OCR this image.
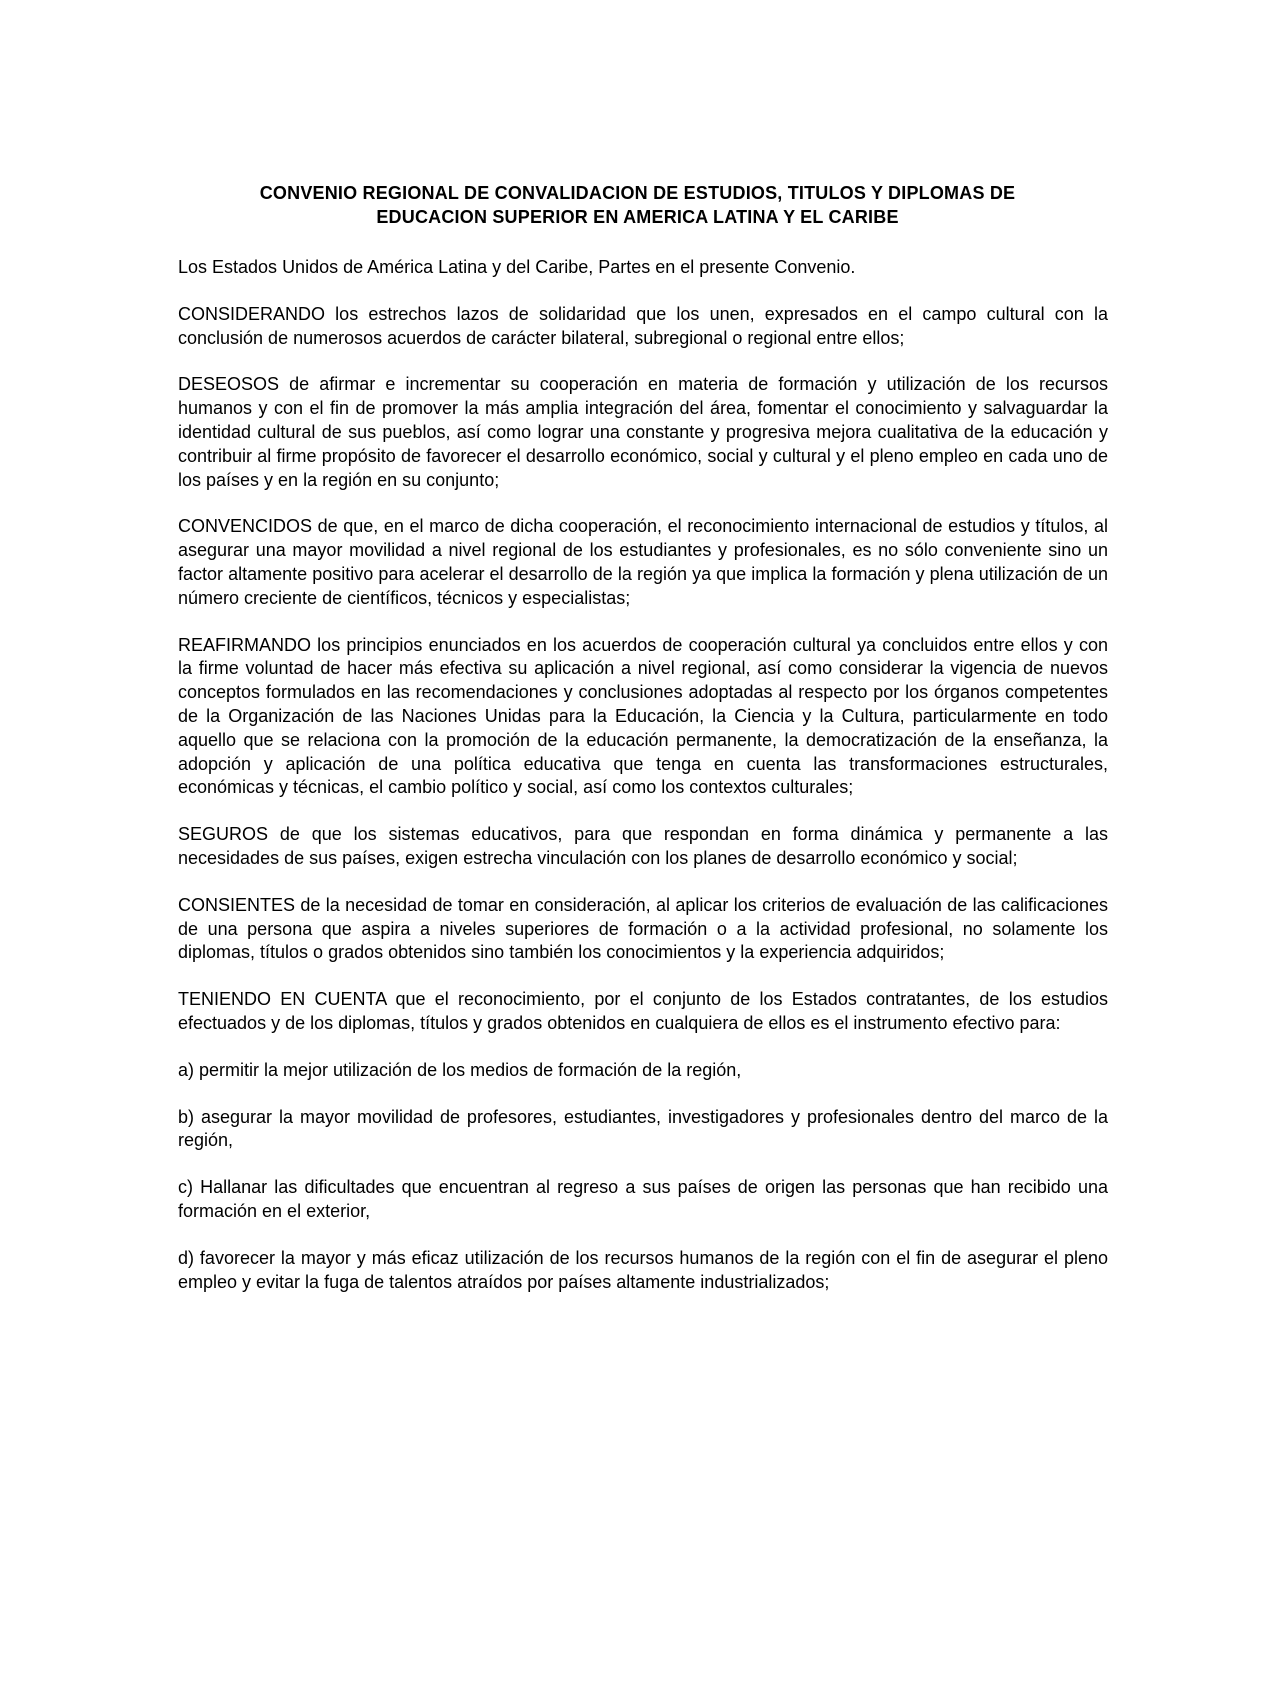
CONVENIO REGIONAL DE CONVALIDACION DE ESTUDIOS, TITULOS Y DIPLOMAS DE
EDUCACION SUPERIOR EN AMERICA LATINA Y EL CARIBE

Los Estados Unidos de América Latina y del Caribe, Partes en el presente Convenio.

CONSIDERANDO los estrechos lazos de solidaridad que los unen, expresados en el campo cultural con la conclusión de numerosos acuerdos de carácter bilateral, subregional o regional entre ellos;

DESEOSOS de afirmar e incrementar su cooperación en materia de formación y utilización de los recursos humanos y con el fin de promover la más amplia integración del área, fomentar el conocimiento y salvaguardar la identidad cultural de sus pueblos, así como lograr una constante y progresiva mejora cualitativa de la educación y contribuir al firme propósito de favorecer el desarrollo económico, social y cultural y el pleno empleo en cada uno de los países y en la región en su conjunto;

CONVENCIDOS de que, en el marco de dicha cooperación, el reconocimiento internacional de estudios y títulos, al asegurar una mayor movilidad a nivel regional de los estudiantes y profesionales, es no sólo conveniente sino un factor altamente positivo para acelerar el desarrollo de la región ya que implica la formación y plena utilización de un número creciente de científicos, técnicos y especialistas;

REAFIRMANDO los principios enunciados en los acuerdos de cooperación cultural ya concluidos entre ellos y con la firme voluntad de hacer más efectiva su aplicación a nivel regional, así como considerar la vigencia de nuevos conceptos formulados en las recomendaciones y conclusiones adoptadas al respecto por los órganos competentes de la Organización de las Naciones Unidas para la Educación, la Ciencia y la Cultura, particularmente en todo aquello que se relaciona con la promoción de la educación permanente, la democratización de la enseñanza, la adopción y aplicación de una política educativa que tenga en cuenta las transformaciones estructurales, económicas y técnicas, el cambio político y social, así como los contextos culturales;

SEGUROS de que los sistemas educativos, para que respondan en forma dinámica y permanente a las necesidades de sus países, exigen estrecha vinculación con los planes de desarrollo económico y social;

CONSIENTES de la necesidad de tomar en consideración, al aplicar los criterios de evaluación de las calificaciones de una persona que aspira a niveles superiores de formación o a la actividad profesional, no solamente los diplomas, títulos o grados obtenidos sino también los conocimientos y la experiencia adquiridos;

TENIENDO EN CUENTA que el reconocimiento, por el conjunto de los Estados contratantes, de los estudios efectuados y de los diplomas, títulos y grados obtenidos en cualquiera de ellos es el instrumento efectivo para:

a) permitir la mejor utilización de los medios de formación de la región,

b) asegurar la mayor movilidad de profesores, estudiantes, investigadores y profesionales dentro del marco de la región,

c) Hallanar las dificultades que encuentran al regreso a sus países de origen las personas que han recibido una formación en el exterior,

d) favorecer la mayor y más eficaz utilización de los recursos humanos de la región con el fin de asegurar el pleno empleo y evitar la fuga de talentos atraídos por países altamente industrializados;
